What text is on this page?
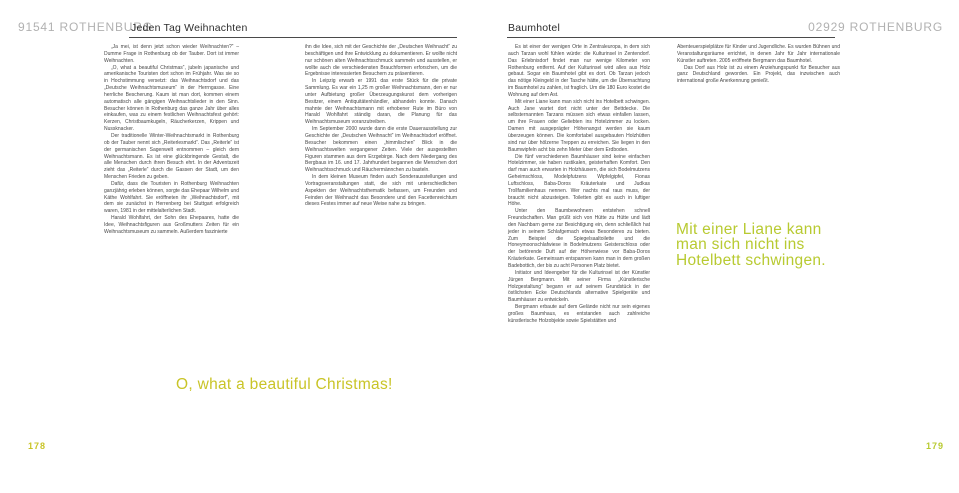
91541 ROTHENBURG
Jeden Tag Weihnachten	Baumhotel	02929 ROTHENBURG

„Ja mei, ist denn jetzt schon wieder Weihnachten?“ – Dumme Frage in Rothenburg ob der Tauber. Dort ist immer Weihnachten.

„O, what a beautiful Christmas“, jubeln japanische und amerikanische Touristen dort schon im Frühjahr. Was sie so in Hochstimmung versetzt: das Weihnachtsdorf und das „Deutsche Weihnachtsmuseum“ in der Herrngasse. Eine herrliche Bescherung. Kaum ist man dort, kommen einem automatisch alle gängigen Weihnachtslieder in den Sinn. Besucher können in Rothenburg das ganze Jahr über alles einkaufen, was zu einem festlichen Weihnachtsfest gehört: Kerzen, Christbaumkugeln, Räucherkerzen, Krippen und Nussknacker.

Der traditionelle Winter-Weihnachtsmarkt in Rothenburg ob der Tauber nennt sich „Reiterlesmarkt“. Das „Reiterle“ ist der germanischen Sagenwelt entnommen – gleich dem Weihnachtsmann. Es ist eine glückbringende Gestalt, die alle Menschen durch ihren Besuch ehrt. In der Adventszeit zieht das „Reiterle“ durch die Gassen der Stadt, um den Menschen Frieden zu geben.

Dafür, dass die Touristen in Rothenburg Weihnachten ganzjährig erleben können, sorgte das Ehepaar Wilhelm und Käthe Wohlfahrt. Sie eröffneten ihr „Weihnachtsdorf“, mit dem sie zunächst in Herrenberg bei Stuttgart erfolgreich waren, 1981 in der mittelalterlichen Stadt.

Harald Wohlfahrt, der Sohn des Ehepaares, hatte die Idee, Weihnachtsfiguren aus Großmutters Zeiten für ein Weihnachtsmuseum zu sammeln. Außerdem faszinierte

ihn die Idee, sich mit der Geschichte der „Deutschen Weihnacht“ zu beschäftigen und ihre Entwicklung zu dokumentieren. Er wollte nicht nur schönen alten Weihnachtsschmuck sammeln und ausstellen, er wollte auch die verschiedensten Brauchformen erforschen, um die Ergebnisse interessierten Besuchern zu präsentieren.

In Leipzig erwarb er 1991 das erste Stück für die private Sammlung. Es war ein 1,25 m großer Weihnachtsmann, den er nur unter Aufbietung großer Überzeugungskunst dem vorherigen Besitzer, einem Antiquitätenhändler, abhandeln konnte. Danach mahnte der Weihnachtsmann mit erhobener Rute im Büro von Harald Wohlfahrt ständig daran, die Planung für das Weihnachtsmuseum voranzutreiben.

Im September 2000 wurde dann die erste Dauerausstellung zur Geschichte der „Deutschen Weihnacht“ im Weihnachtsdorf eröffnet. Besucher bekommen einen „himmlischen“ Blick in die Weihnachtswelten vergangener Zeiten. Viele der ausgestellten Figuren stammen aus dem Erzgebirge. Nach dem Niedergang des Bergbaus im 16. und 17. Jahrhundert begannen die Menschen dort Weihnachtsschmuck und Räuchermännchen zu basteln.

In dem kleinen Museum finden auch Sonderausstellungen und Vortragsveranstaltungen statt, die sich mit unterschiedlichen Aspekten der Weihnachtsthematik befassen, um Freunden und Feinden der Weihnacht das Besondere und den Facettenreichtum dieses Festes immer auf neue Weise nahe zu bringen.

Es ist einer der wenigen Orte in Zentraleuropa, in dem sich auch Tarzan wohl fühlen würde: die Kulturinsel in Zentendorf. Das Erlebnisdorf findet man nur wenige Kilometer von Rothenburg entfernt. Auf der Kulturinsel wird alles aus Holz gebaut. Sogar ein Baumhotel gibt es dort. Ob Tarzan jedoch das nötige Kleingeld in der Tasche hätte, um die Übernachtung im Baumhotel zu zahlen, ist fraglich. Um die 180 Euro kostet die Wohnung auf dem Ast.

Mit einer Liane kann man sich nicht ins Hotelbett schwingen. Auch Jane wartet dort nicht unter der Bettdecke. Die selbsternannten Tarzans müssen sich etwas einfallen lassen, um ihre Frauen oder Geliebten ins Hotelzimmer zu locken. Damen mit ausgeprägter Höhenangst werden sie kaum überzeugen können. Die komfortabel ausgebauten Holzhütten sind nur über hölzerne Treppen zu erreichen. Sie liegen in den Baumwipfeln acht bis zehn Meter über dem Erdboden.

Die fünf verschiedenen Baumhäuser sind keine einfachen Hotelzimmer, sie haben rustikalen, geisterhaften Komfort. Den darf man auch erwarten in Holzhäusern, die sich Bodelmutzens Geheimschloss, Modelpfutzens Wipfelgipfel, Fionas Luftschloss, Baba-Doros Kräuterkate und Judkas Trollfamilienhaus nennen. Wer nachts mal raus muss, der braucht nicht abzusteigen. Toiletten gibt es auch in luftiger Höhe.

Unter den Baumbewohnern entstehen schnell Freundschaften. Man grüßt sich von Hütte zu Hütte und lädt den Nachbarn gerne zur Besichtigung ein, denn schließlich hat jeder in seinem Schlafgemach etwas Besonderes zu bieten. Zum Beispiel die Spiegelsaaltoilette und die Honeymoonschlafwiese in Bodelmutzens Geisterschloss oder der betörende Duft auf der Höhenwiese vor Baba-Doros Kräuterkate. Gemeinsam entspannen kann man in dem großen Badebottich, der bis zu acht Personen Platz bietet.

Initiator und Ideengeber für die Kulturinsel ist der Künstler Jürgen Bergmann. Mit seiner Firma „Künstlerische Holzgestaltung“ begann er auf seinem Grundstück in der östlichsten Ecke Deutschlands alternative Spielgeräte und Baumhäuser zu entwickeln.

Bergmann erbaute auf dem Gelände nicht nur sein eigenes großes Baumhaus, es entstanden auch zahlreiche künstlerische Holzobjekte sowie Spielstätten und

Abenteuerspielplätze für Kinder und Jugendliche. Es wurden Bühnen und Veranstaltungsräume errichtet, in denen Jahr für Jahr internationale Künstler auftreten. 2005 eröffnete Bergmann das Baumhotel.

Das Dorf aus Holz ist zu einem Anziehungspunkt für Besucher aus ganz Deutschland geworden. Ein Projekt, das inzwischen auch international große Anerkennung genießt.

O, what a beautiful Christmas!
Mit einer Liane kann man sich nicht ins Hotelbett schwingen.
178	179
